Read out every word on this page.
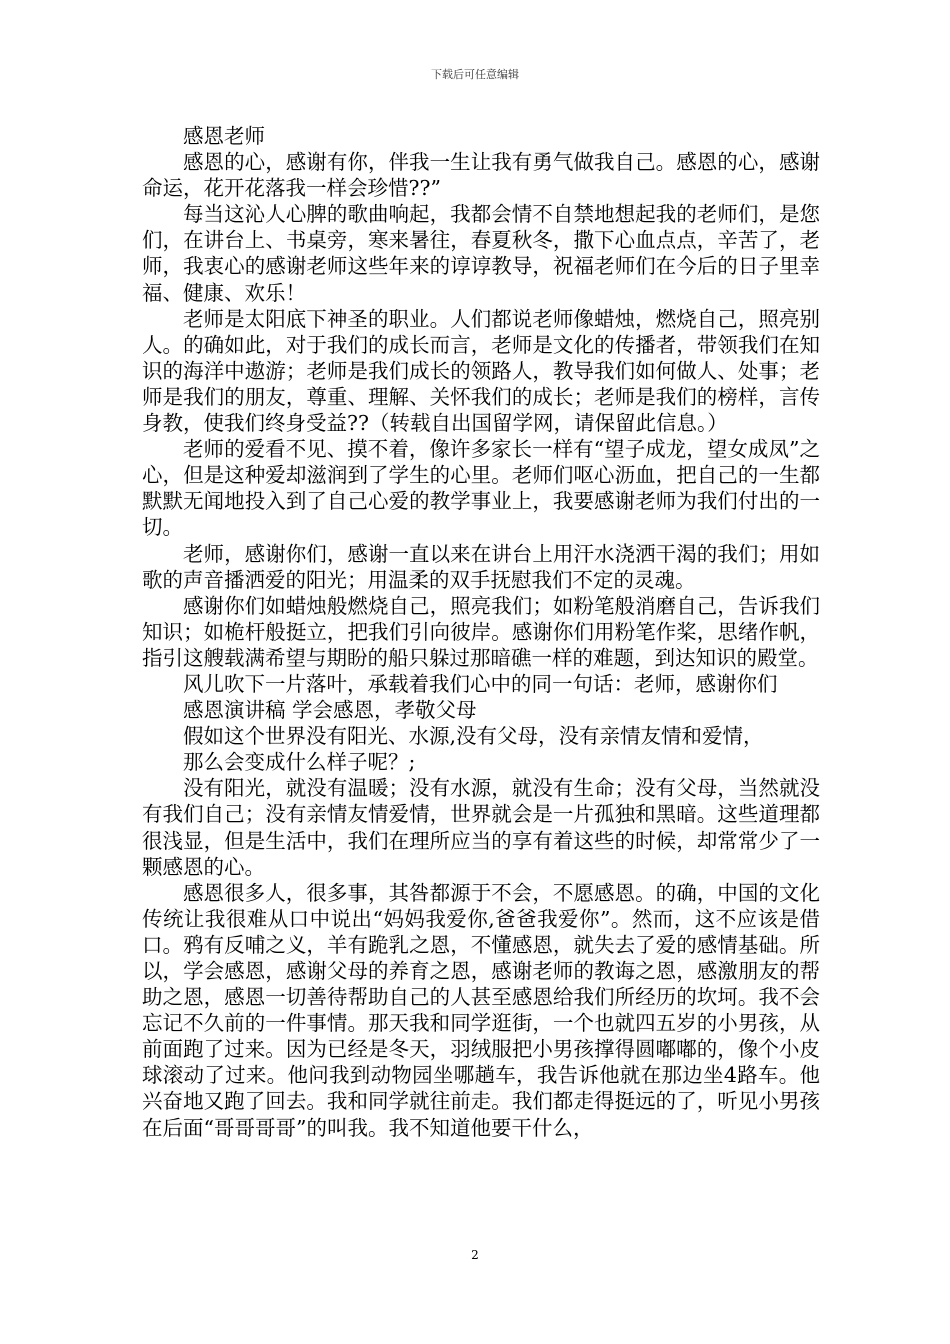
下载后可任意编辑

感恩老师

感恩的心，感谢有你，伴我一生让我有勇气做我自己。感恩的心，感谢命运，花开花落我一样会珍惜??”

每当这沁人心脾的歌曲响起，我都会情不自禁地想起我的老师们，是您们，在讲台上、书桌旁，寒来暑往，春夏秋冬，撒下心血点点，辛苦了，老师，我衷心的感谢老师这些年来的谆谆教导，祝福老师们在今后的日子里幸福、健康、欢乐！

老师是太阳底下神圣的职业。人们都说老师像蜡烛，燃烧自己，照亮别人。的确如此，对于我们的成长而言，老师是文化的传播者，带领我们在知识的海洋中遨游；老师是我们成长的领路人，教导我们如何做人、处事；老师是我们的朋友，尊重、理解、关怀我们的成长；老师是我们的榜样，言传身教，使我们终身受益??（转载自出国留学网，请保留此信息。）

老师的爱看不见、摸不着，像许多家长一样有“望子成龙，望女成凤”之心，但是这种爱却滋润到了学生的心里。老师们呕心沥血，把自己的一生都默默无闻地投入到了自己心爱的教学事业上，我要感谢老师为我们付出的一切。

老师，感谢你们，感谢一直以来在讲台上用汗水浇洒干渴的我们；用如歌的声音播洒爱的阳光；用温柔的双手抚慰我们不定的灵魂。

感谢你们如蜡烛般燃烧自己，照亮我们；如粉笔般消磨自己，告诉我们知识；如桅杆般挺立，把我们引向彼岸。感谢你们用粉笔作桨，思绪作帆，指引这艘载满希望与期盼的船只躲过那暗礁一样的难题，到达知识的殿堂。

风儿吹下一片落叶，承载着我们心中的同一句话：老师，感谢你们

感恩演讲稿 学会感恩，孝敬父母

假如这个世界没有阳光、水源,没有父母，没有亲情友情和爱情，

那么会变成什么样子呢？;

没有阳光，就没有温暖；没有水源，就没有生命；没有父母，当然就没有我们自己；没有亲情友情爱情，世界就会是一片孤独和黑暗。这些道理都很浅显，但是生活中，我们在理所应当的享有着这些的时候，却常常少了一颗感恩的心。

感恩很多人，很多事，其咎都源于不会，不愿感恩。的确，中国的文化传统让我很难从口中说出“妈妈我爱你,爸爸我爱你”。然而，这不应该是借口。鸦有反哺之义，羊有跪乳之恩，不懂感恩，就失去了爱的感情基础。所以，学会感恩，感谢父母的养育之恩，感谢老师的教诲之恩，感激朋友的帮助之恩，感恩一切善待帮助自己的人甚至感恩给我们所经历的坎坷。我不会忘记不久前的一件事情。那天我和同学逛街，一个也就四五岁的小男孩，从前面跑了过来。因为已经是冬天，羽绒服把小男孩撑得圆嘟嘟的，像个小皮球滚动了过来。他问我到动物园坐哪趟车，我告诉他就在那边坐4路车。他兴奋地又跑了回去。我和同学就往前走。我们都走得挺远的了，听见小男孩在后面“哥哥哥哥”的叫我。我不知道他要干什么，

2
